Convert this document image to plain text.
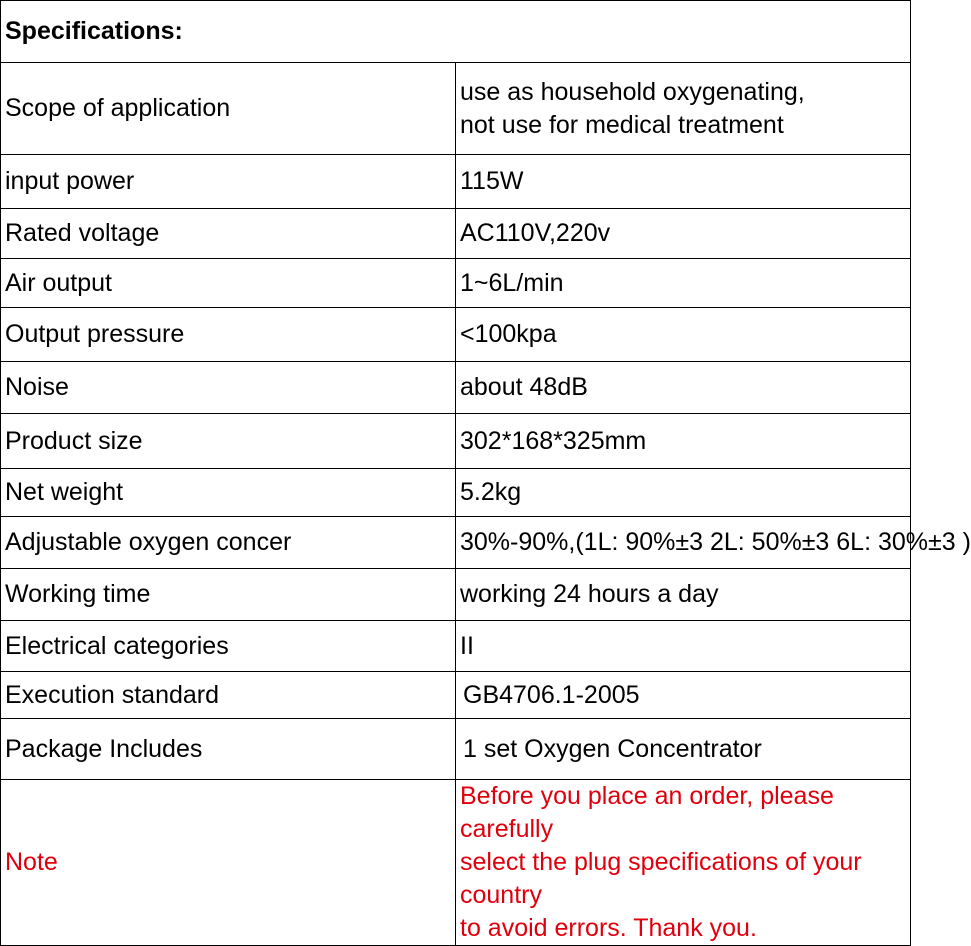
Specifications:	
Scope of application	use as household oxygenating,
not use for medical treatment
input power	115W
Rated voltage	AC110V,220v
Air output	1~6L/min
Output pressure	<100kpa
Noise	about 48dB
Product size	302*168*325mm
Net weight	5.2kg
Adjustable oxygen concer	30%-90%,(1L: 90%±3 2L: 50%±3 6L: 30%±3 )
Working time	working 24 hours a day
Electrical categories	II
Execution standard	GB4706.1-2005
Package Includes	1 set Oxygen Concentrator
Note	Before you place an order, please carefully
select the plug specifications of your country
to avoid errors. Thank you.
